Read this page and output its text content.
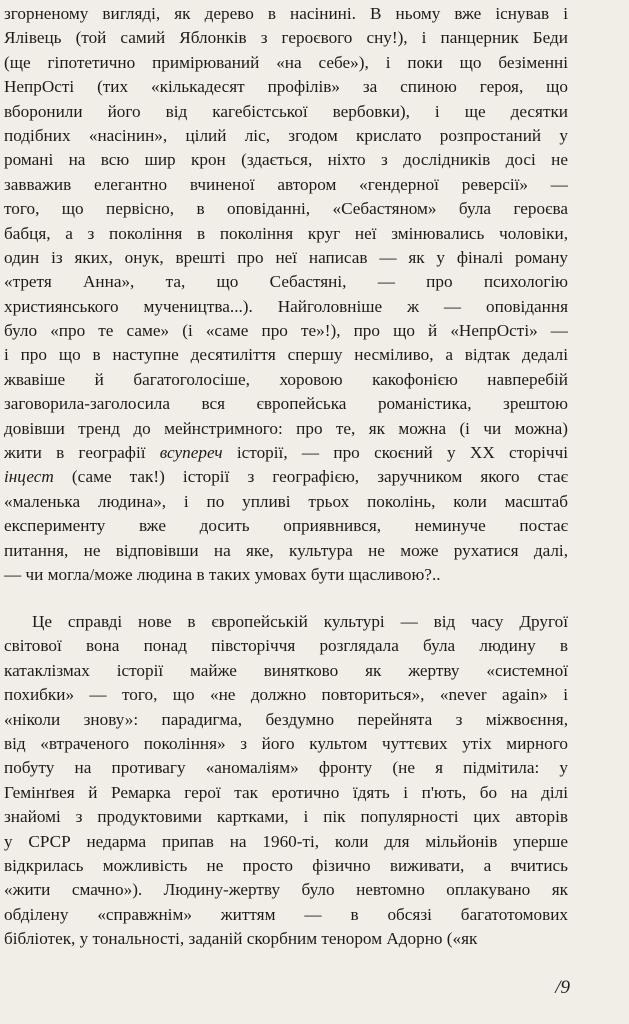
згорненому вигляді, як дерево в насінині. В ньому вже існував і
Ялівець (той самий Яблонків з героєвого сну!), і панцерник Беди
(ще гіпотетично примірюваний «на себе»), і поки що безіменні
НепрОсті (тих «кількадесят профілів» за спиною героя, що
вборонили його від кагебістської вербовки), і ще десятки
подібних «насінин», цілий ліс, згодом крислато розпростаний у
романі на всю шир крон (здається, ніхто з дослідників досі не
завважив елегантно вчиненої автором «гендерної реверсії» —
того, що первісно, в оповіданні, «Себастяном» була героєва
бабця, а з покоління в покоління круг неї змінювались чоловіки,
один із яких, онук, врешті про неї написав — як у фіналі роману
«третя Анна», та, що Себастяні, — про психологію
християнського мучеництва...). Найголовніше ж — оповідання
було «про те саме» (і «саме про те»!), про що й «НепрОсті» —
і про що в наступне десятиліття спершу несміливо, а відтак дедалі
жвавіше й багатоголосіше, хоровою какофонією навперебій
заговорила-заголосила вся європейська романістика, зрештою
довівши тренд до мейнстримного: про те, як можна (і чи можна)
жити в географії всупереч історії, — про скоєний у XX сторіччі
інцест (саме так!) історії з географією, заручником якого стає
«маленька людина», і по упливі трьох поколінь, коли масштаб
експерименту вже досить оприявнився, неминуче постає
питання, не відповівши на яке, культура не може рухатися далі,
— чи могла/може людина в таких умовах бути щасливою?..
Це справді нове в європейській культурі — від часу Другої
світової вона понад півсторіччя розглядала була людину в
катаклізмах історії майже винятково як жертву «системної
похибки» — того, що «не должно повториться», «never again» і
«ніколи знову»: парадигма, бездумно перейнята з міжвоєння,
від «втраченого покоління» з його культом чуттєвих утіх мирного
побуту на противагу «аномаліям» фронту (не я підмітила: у
Гемінґвея й Ремарка герої так еротично їдять і п'ють, бо на ділі
знайомі з продуктовими картками, і пік популярності цих авторів
у СРСР недарма припав на 1960-ті, коли для мільйонів уперше
відкрилась можливість не просто фізично виживати, а вчитись
«жити смачно»). Людину-жертву було невтомно оплакувано як
обділену «справжнім» життям — в обсязі багатотомових
бібліотек, у тональності, заданій скорбним тенором Адорно («як
/9
